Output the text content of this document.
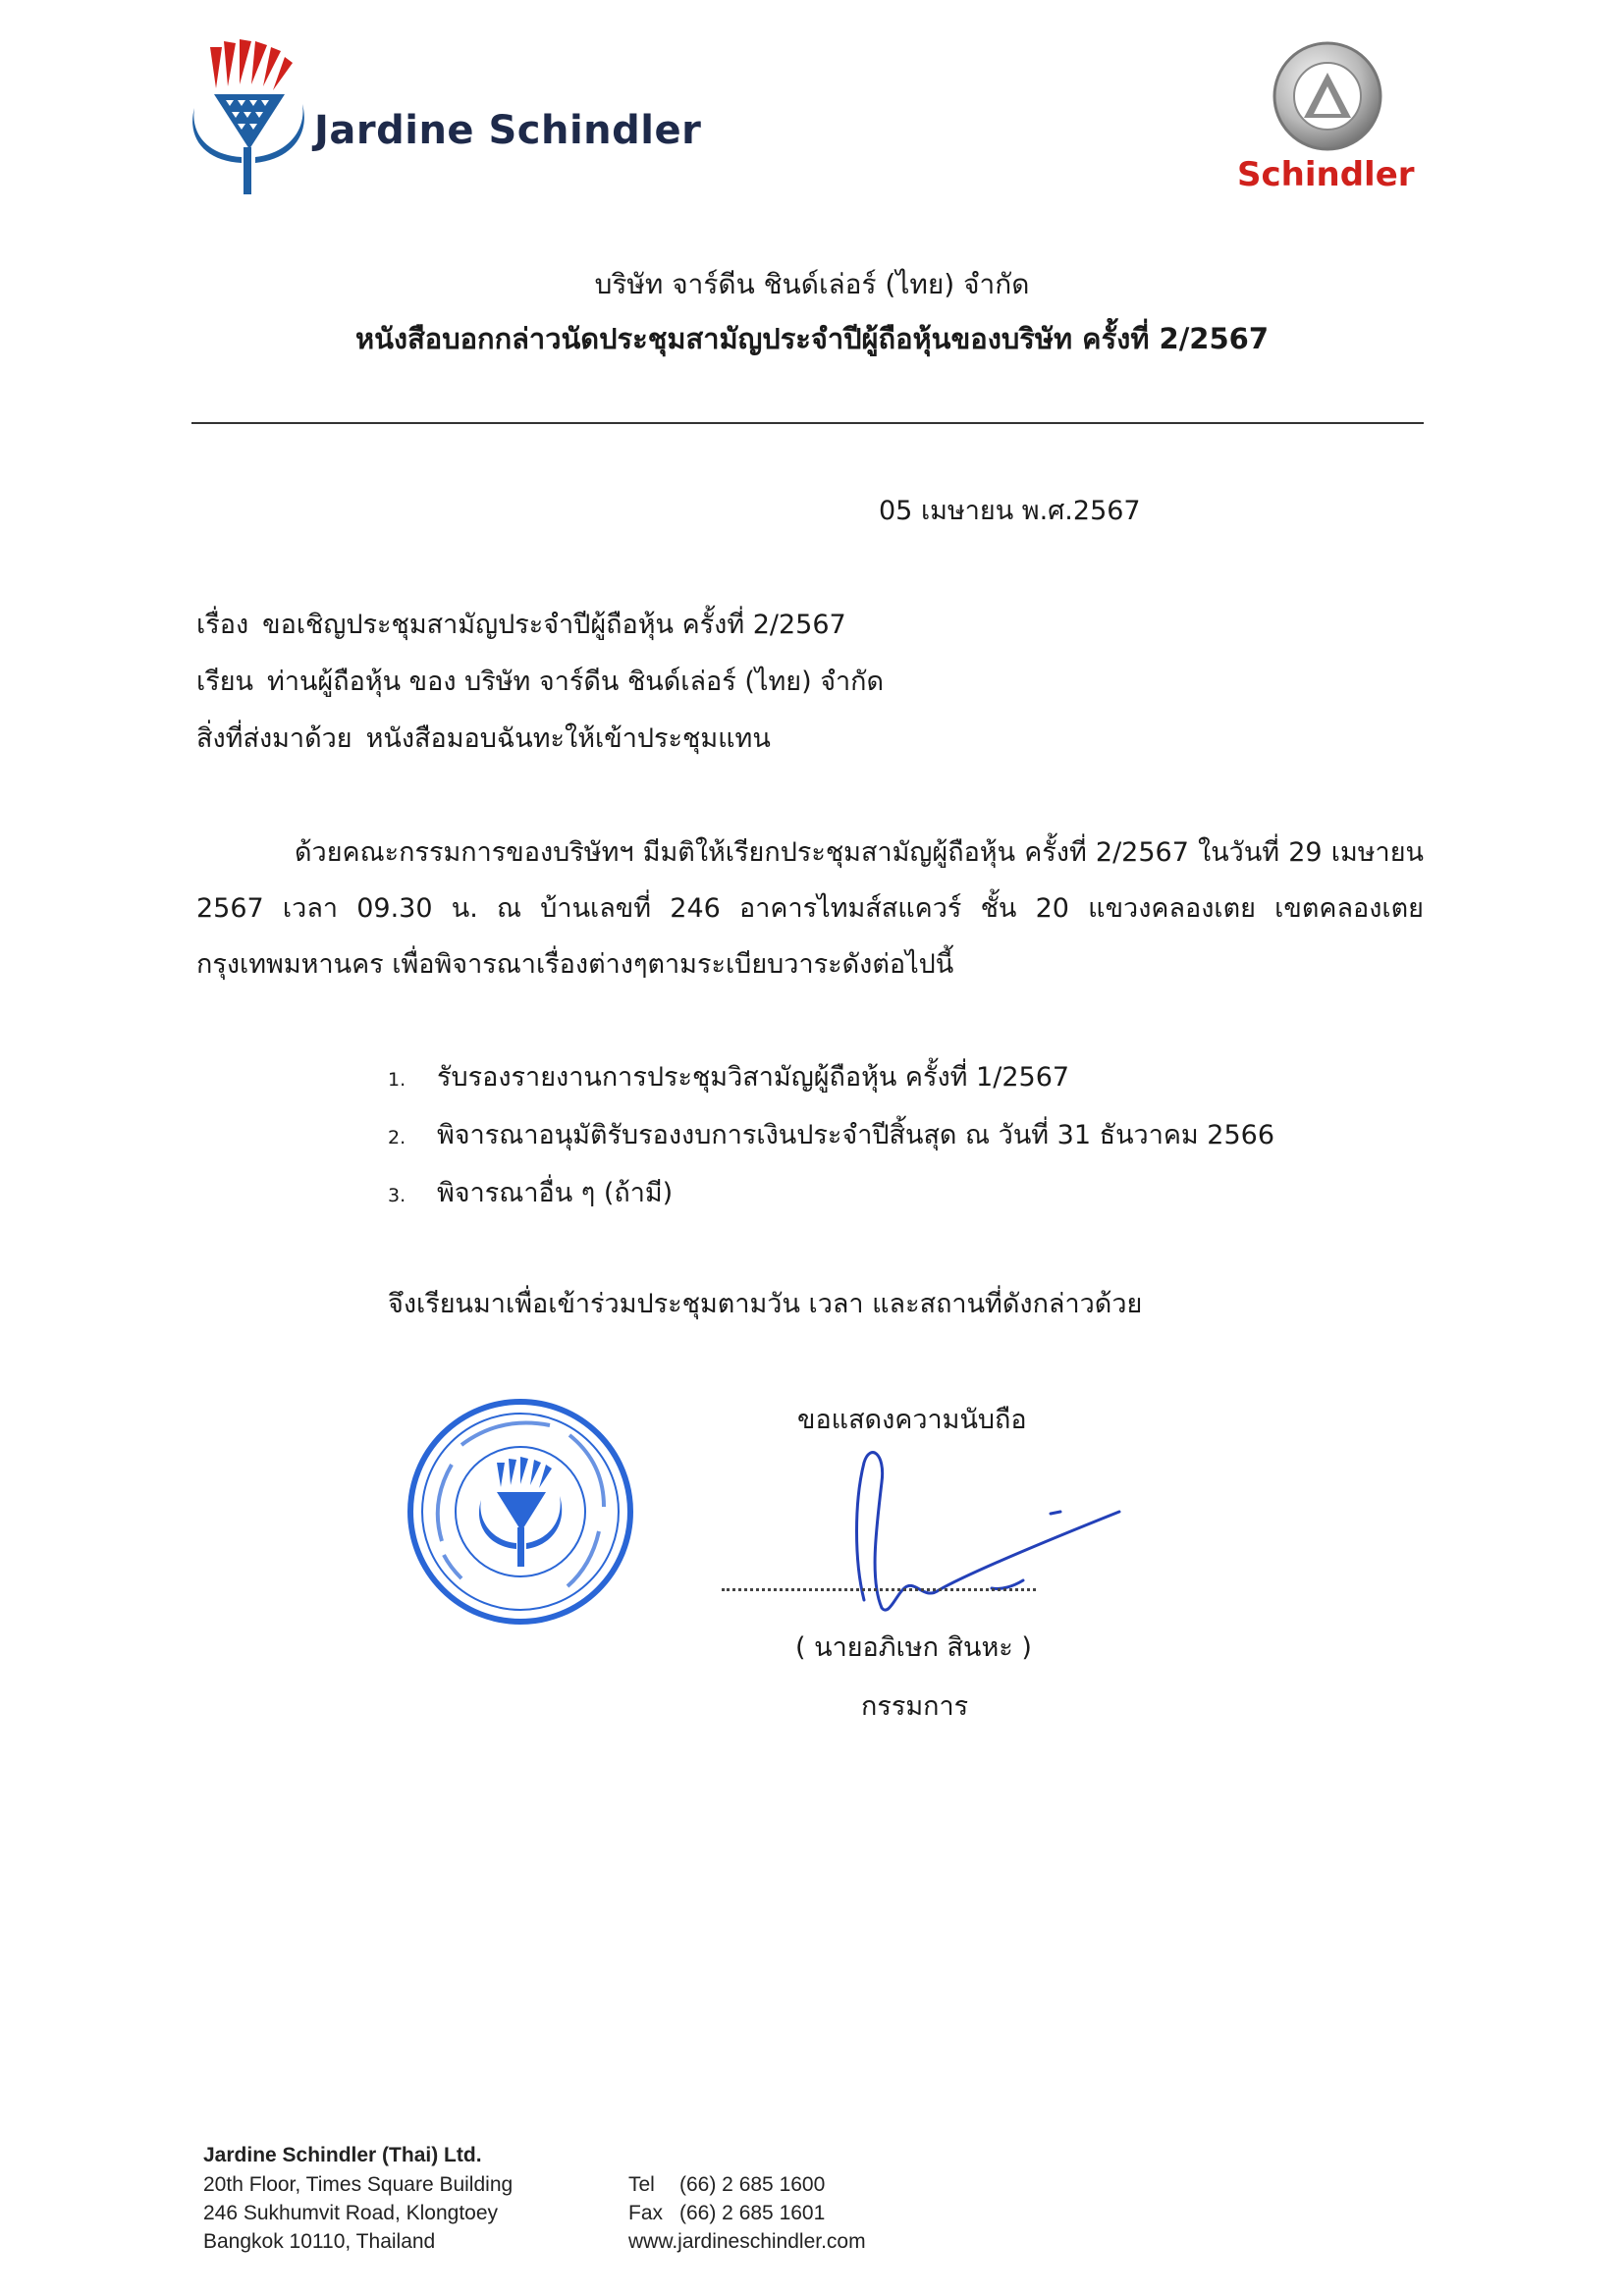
Jardine Schindler
Schindler
บริษัท จาร์ดีน ชินด์เล่อร์ (ไทย) จำกัด
หนังสือบอกกล่าวนัดประชุมสามัญประจำปีผู้ถือหุ้นของบริษัท ครั้งที่ 2/2567
05 เมษายน พ.ศ.2567
เรื่อง ขอเชิญประชุมสามัญประจำปีผู้ถือหุ้น ครั้งที่ 2/2567
เรียน ท่านผู้ถือหุ้น ของ บริษัท จาร์ดีน ชินด์เล่อร์ (ไทย) จำกัด
สิ่งที่ส่งมาด้วย หนังสือมอบฉันทะให้เข้าประชุมแทน
ด้วยคณะกรรมการของบริษัทฯ มีมติให้เรียกประชุมสามัญผู้ถือหุ้น ครั้งที่ 2/2567 ในวันที่ 29 เมษายน 2567 เวลา 09.30 น. ณ บ้านเลขที่ 246 อาคารไทมส์สแควร์ ชั้น 20 แขวงคลองเตย เขตคลองเตย กรุงเทพมหานคร เพื่อพิจารณาเรื่องต่างๆตามระเบียบวาระดังต่อไปนี้
1. รับรองรายงานการประชุมวิสามัญผู้ถือหุ้น ครั้งที่ 1/2567
2. พิจารณาอนุมัติรับรองงบการเงินประจำปีสิ้นสุด ณ วันที่ 31 ธันวาคม 2566
3. พิจารณาอื่น ๆ (ถ้ามี)
จึงเรียนมาเพื่อเข้าร่วมประชุมตามวัน เวลา และสถานที่ดังกล่าวด้วย
ขอแสดงความนับถือ
( นายอภิเษก สินหะ )
กรรมการ
Jardine Schindler (Thai) Ltd.
20th Floor, Times Square Building
246 Sukhumvit Road, Klongtoey
Bangkok 10110, Thailand
Tel (66) 2 685 1600
Fax (66) 2 685 1601
www.jardineschindler.com
